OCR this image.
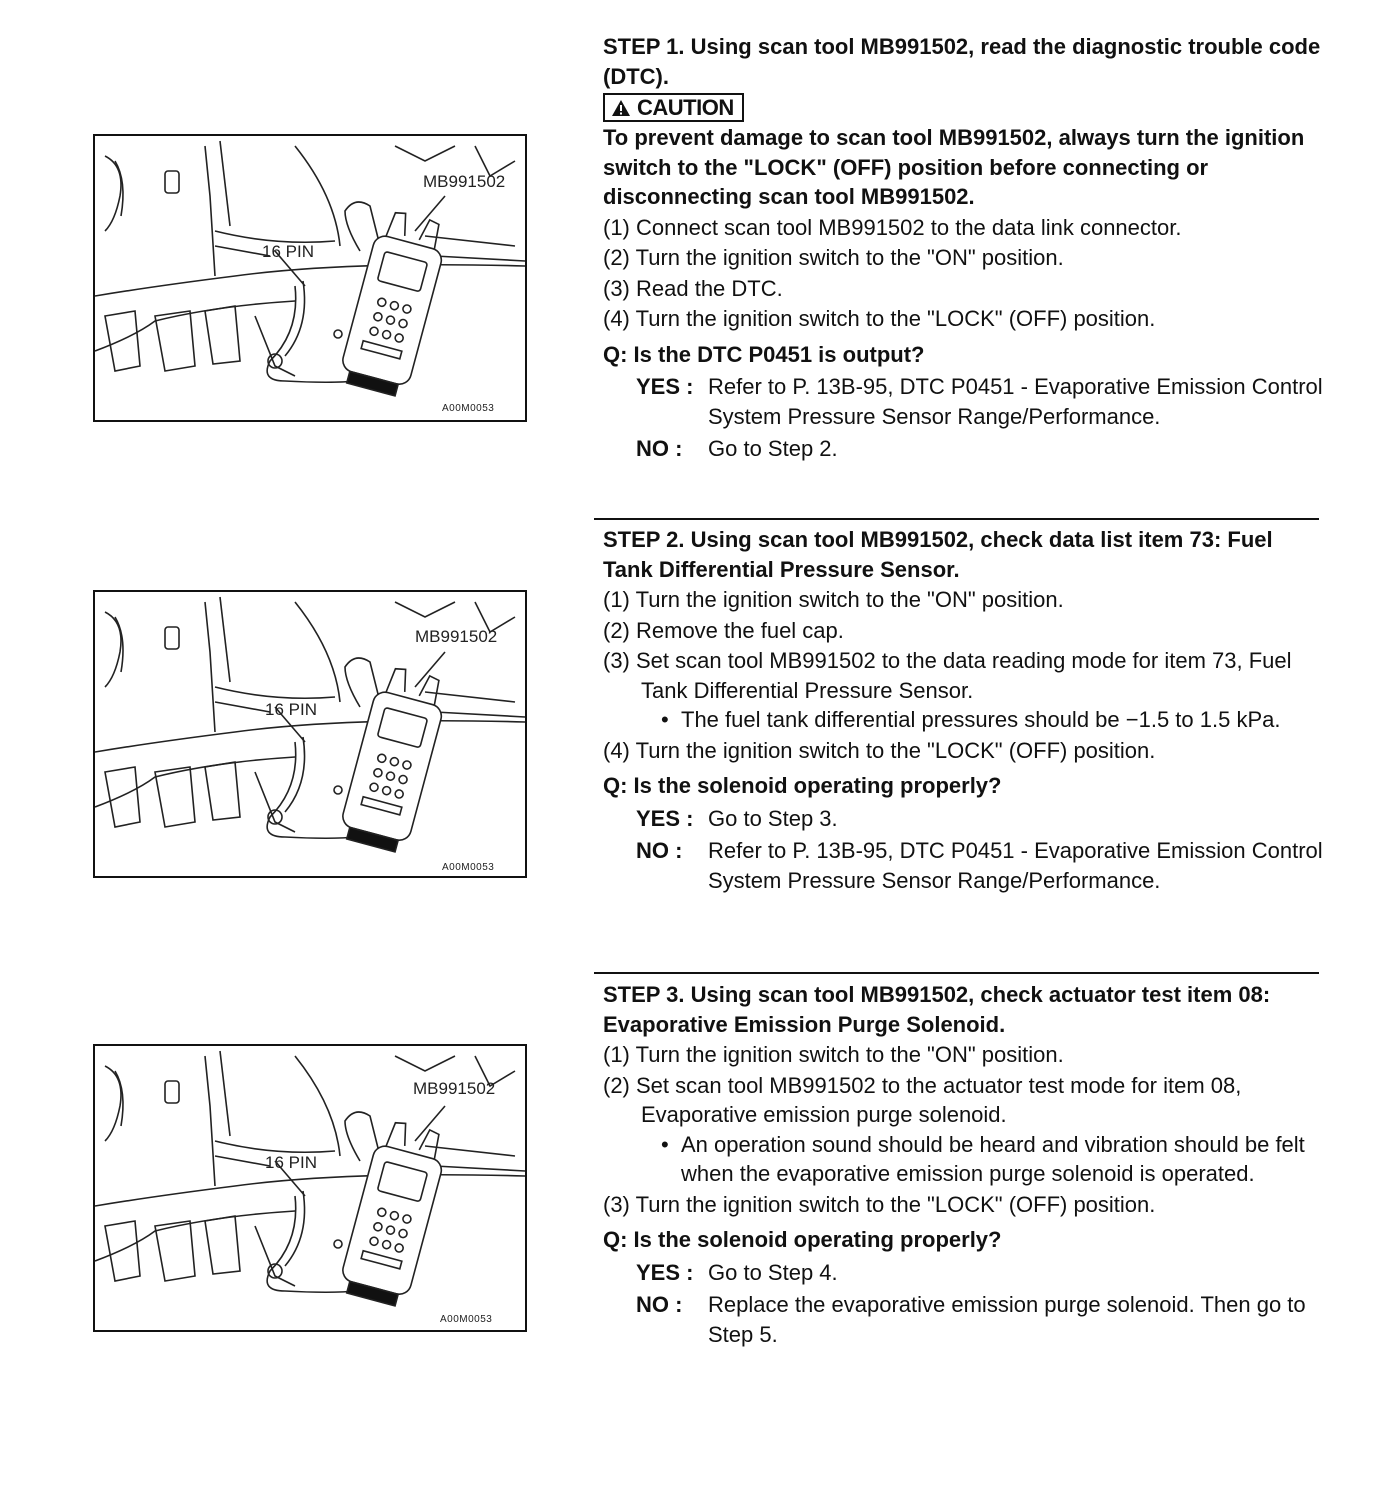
MB991502
16 PIN
A00M0053
MB991502
16 PIN
A00M0053
MB991502
16 PIN
A00M0053
STEP 1. Using scan tool MB991502, read the diagnostic trouble code (DTC).
CAUTION
To prevent damage to scan tool MB991502, always turn the ignition switch to the "LOCK" (OFF) position before connecting or disconnecting scan tool MB991502.
(1) Connect scan tool MB991502 to the data link connector.
(2) Turn the ignition switch to the "ON" position.
(3) Read the DTC.
(4) Turn the ignition switch to the "LOCK" (OFF) position.
Q: Is the DTC P0451 is output?
YES : Refer to P. 13B-95, DTC P0451 - Evaporative Emission Control System Pressure Sensor Range/Performance.
NO :	Go to Step 2.
STEP 2. Using scan tool MB991502, check data list item 73: Fuel Tank Differential Pressure Sensor.
(1) Turn the ignition switch to the "ON" position.
(2) Remove the fuel cap.
(3) Set scan tool MB991502 to the data reading mode for item 73, Fuel Tank Differential Pressure Sensor.
• The fuel tank differential pressures should be −1.5 to 1.5 kPa.
(4) Turn the ignition switch to the "LOCK" (OFF) position.
Q: Is the solenoid operating properly?
YES : Go to Step 3.
NO :	Refer to P. 13B-95, DTC P0451 - Evaporative Emission Control System Pressure Sensor Range/Performance.
STEP 3. Using scan tool MB991502, check actuator test item 08: Evaporative Emission Purge Solenoid.
(1) Turn the ignition switch to the "ON" position.
(2) Set scan tool MB991502 to the actuator test mode for item 08, Evaporative emission purge solenoid.
• An operation sound should be heard and vibration should be felt when the evaporative emission purge solenoid is operated.
(3) Turn the ignition switch to the "LOCK" (OFF) position.
Q: Is the solenoid operating properly?
YES : Go to Step 4.
NO :	Replace the evaporative emission purge solenoid. Then go to Step 5.
